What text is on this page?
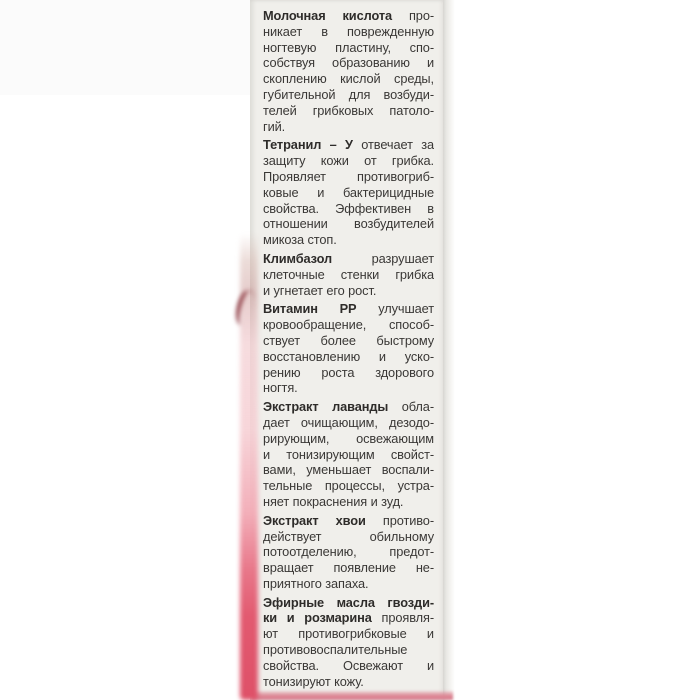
Молочная кислота про-
никает в поврежденную
ногтевую пластину, спо-
собствуя образованию и
скоплению кислой среды,
губительной для возбуди-
телей грибковых патоло-
гий.
Тетранил – У отвечает за
защиту кожи от грибка.
Проявляет противогриб-
ковые и бактерицидные
свойства. Эффективен в
отношении возбудителей
микоза стоп.
Климбазол разрушает
клеточные стенки грибка
и угнетает его рост.
Витамин PP улучшает
кровообращение, способ-
ствует более быстрому
восстановлению и уско-
рению роста здорового
ногтя.
Экстракт лаванды обла-
дает очищающим, дезодо-
рирующим, освежающим
и тонизирующим свойст-
вами, уменьшает воспали-
тельные процессы, устра-
няет покраснения и зуд.
Экстракт хвои противо-
действует обильному
потоотделению, предот-
вращает появление не-
приятного запаха.
Эфирные масла гвозди-
ки и розмарина проявля-
ют противогрибковые и
противовоспалительные
свойства. Освежают и
тонизируют кожу.
